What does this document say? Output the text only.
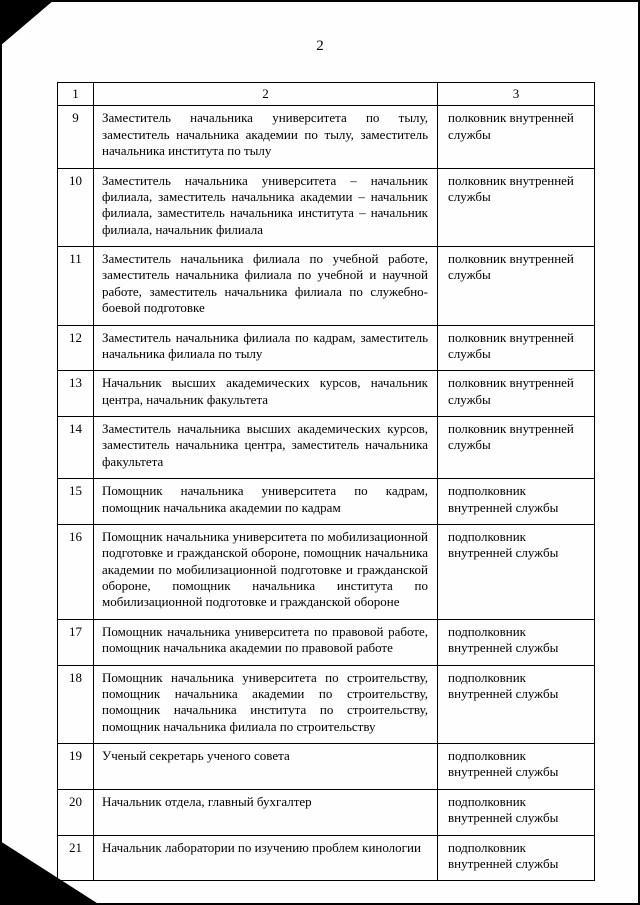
2
1	2	3
9	Заместитель начальника университета по тылу, заместитель начальника академии по тылу, заместитель начальника института по тылу	полковник внутренней службы
10	Заместитель начальника университета – начальник филиала, заместитель начальника академии – начальник филиала, заместитель начальника института – начальник филиала, начальник филиала	полковник внутренней службы
11	Заместитель начальника филиала по учебной работе, заместитель начальника филиала по учебной и научной работе, заместитель начальника филиала по служебно-боевой подготовке	полковник внутренней службы
12	Заместитель начальника филиала по кадрам, заместитель начальника филиала по тылу	полковник внутренней службы
13	Начальник высших академических курсов, начальник центра, начальник факультета	полковник внутренней службы
14	Заместитель начальника высших академических курсов, заместитель начальника центра, заместитель начальника факультета	полковник внутренней службы
15	Помощник начальника университета по кадрам, помощник начальника академии по кадрам	подполковник внутренней службы
16	Помощник начальника университета по мобилизационной подготовке и гражданской обороне, помощник начальника академии по мобилизационной подготовке и гражданской обороне, помощник начальника института по мобилизационной подготовке и гражданской обороне	подполковник внутренней службы
17	Помощник начальника университета по правовой работе, помощник начальника академии по правовой работе	подполковник внутренней службы
18	Помощник начальника университета по строительству, помощник начальника академии по строительству, помощник начальника института по строительству, помощник начальника филиала по строительству	подполковник внутренней службы
19	Ученый секретарь ученого совета	подполковник внутренней службы
20	Начальник отдела, главный бухгалтер	подполковник внутренней службы
21	Начальник лаборатории по изучению проблем кинологии	подполковник внутренней службы
